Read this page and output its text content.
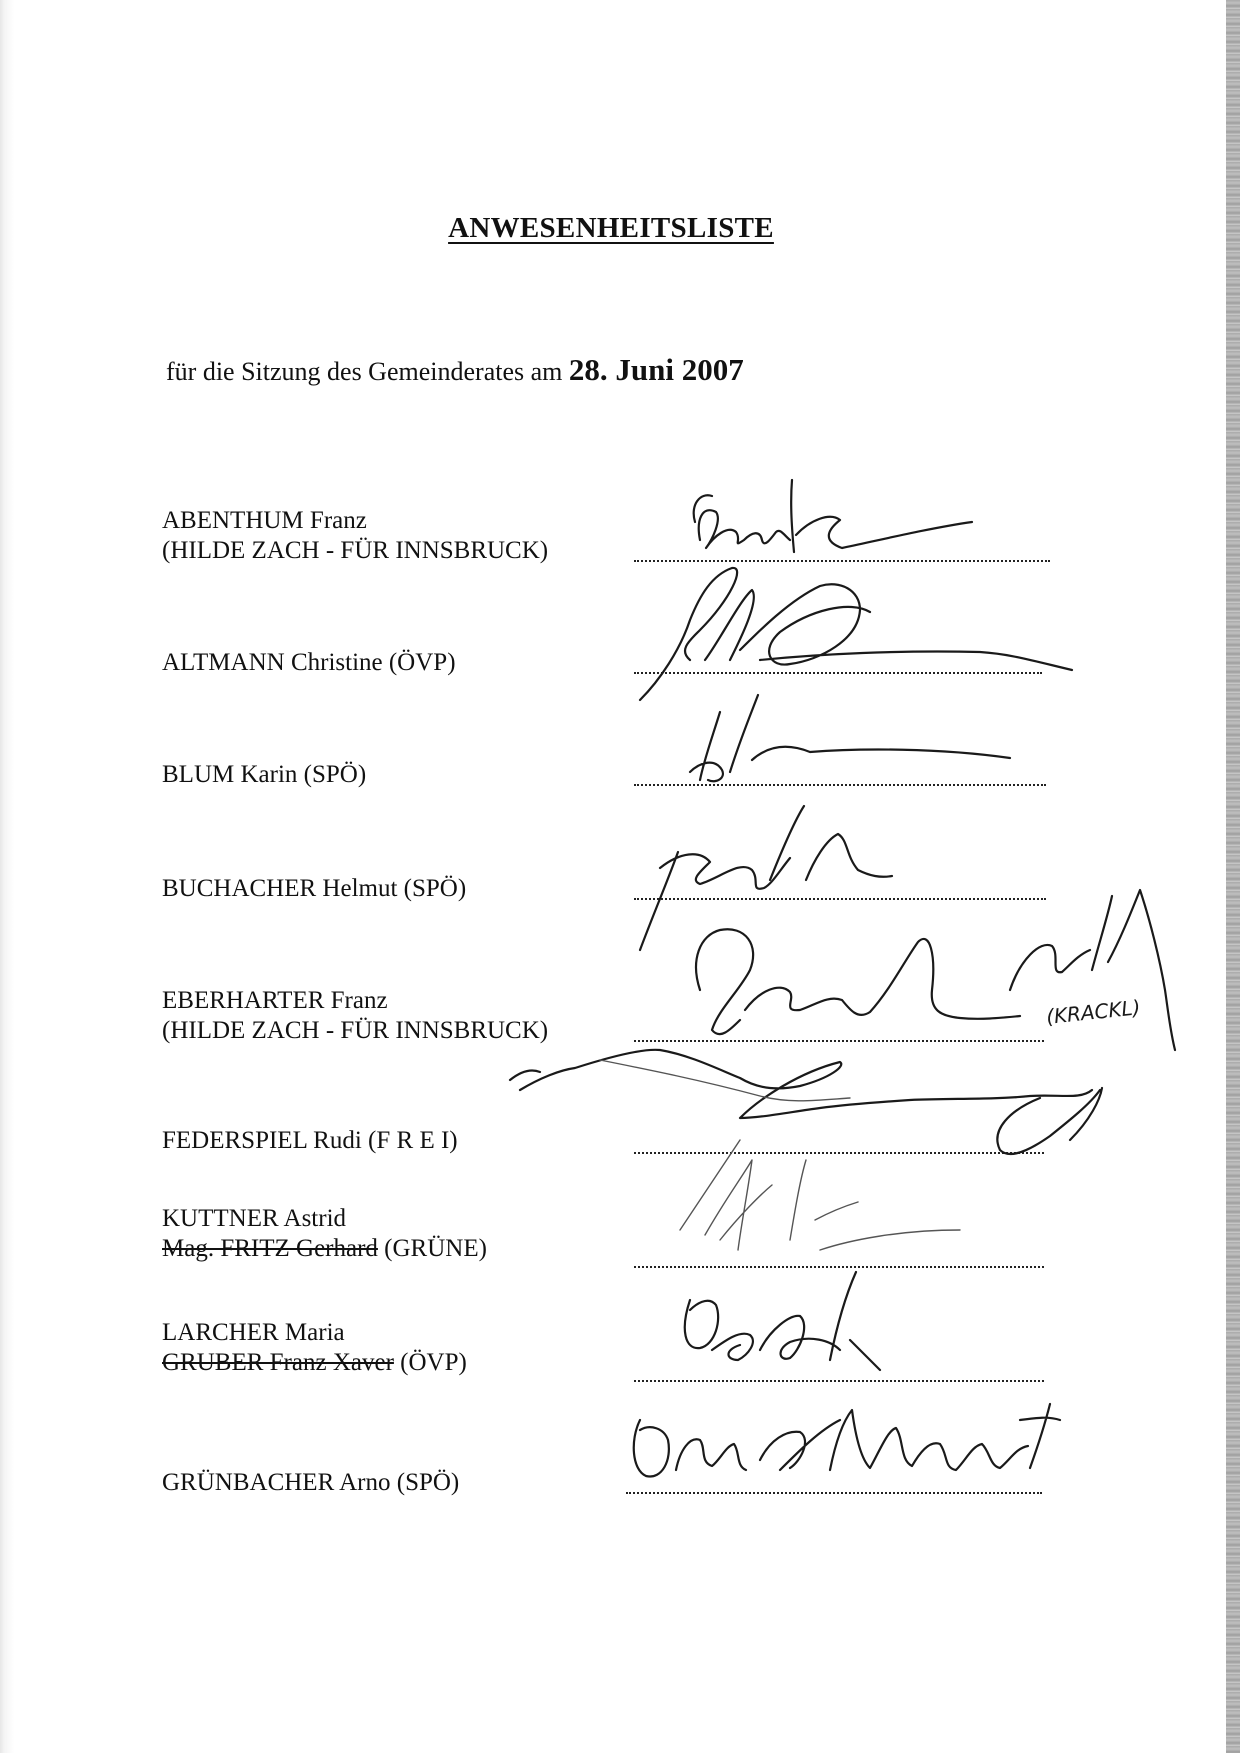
ANWESENHEITSLISTE
für die Sitzung des Gemeinderates am 28. Juni 2007
ABENTHUM Franz
(HILDE ZACH - FÜR INNSBRUCK)
ALTMANN Christine (ÖVP)
BLUM Karin (SPÖ)
BUCHACHER Helmut (SPÖ)
EBERHARTER Franz
(HILDE ZACH - FÜR INNSBRUCK)
FEDERSPIEL Rudi (F R E I)
KUTTNER Astrid
Mag. FRITZ Gerhard (GRÜNE)
LARCHER Maria
GRUBER Franz Xaver (ÖVP)
GRÜNBACHER Arno (SPÖ)
(KRACKL)
